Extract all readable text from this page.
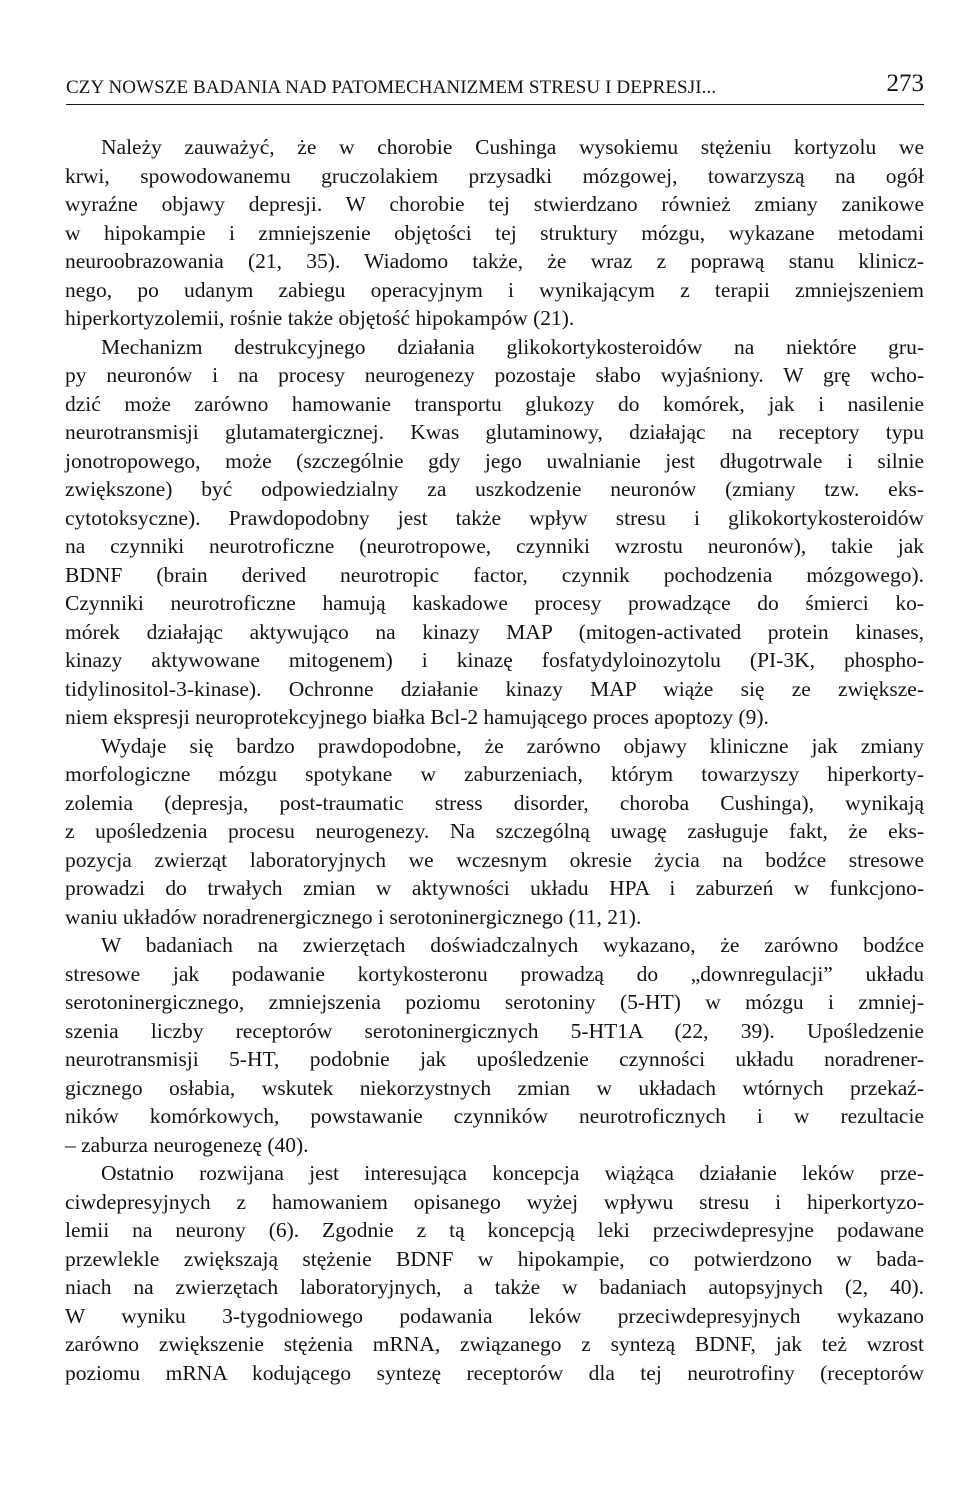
CZY NOWSZE BADANIA NAD PATOMECHANIZMEM STRESU I DEPRESJI...	273
Należy zauważyć, że w chorobie Cushinga wysokiemu stężeniu kortyzolu we
krwi, spowodowanemu gruczolakiem przysadki mózgowej, towarzyszą na ogół
wyraźne objawy depresji. W chorobie tej stwierdzano również zmiany zanikowe
w hipokampie i zmniejszenie objętości tej struktury mózgu, wykazane metodami
neuroobrazowania (21, 35). Wiadomo także, że wraz z poprawą stanu klinicz-
nego, po udanym zabiegu operacyjnym i wynikającym z terapii zmniejszeniem
hiperkortyzolemii, rośnie także objętość hipokampów (21).
Mechanizm destrukcyjnego działania glikokortykosteroidów na niektóre gru-
py neuronów i na procesy neurogenezy pozostaje słabo wyjaśniony. W grę wcho-
dzić może zarówno hamowanie transportu glukozy do komórek, jak i nasilenie
neurotransmisji glutamatergicznej. Kwas glutaminowy, działając na receptory typu
jonotropowego, może (szczególnie gdy jego uwalnianie jest długotrwale i silnie
zwiększone) być odpowiedzialny za uszkodzenie neuronów (zmiany tzw. eks-
cytotoksyczne). Prawdopodobny jest także wpływ stresu i glikokortykosteroidów
na czynniki neurotroficzne (neurotropowe, czynniki wzrostu neuronów), takie jak
BDNF (brain derived neurotropic factor, czynnik pochodzenia mózgowego).
Czynniki neurotroficzne hamują kaskadowe procesy prowadzące do śmierci ko-
mórek działając aktywująco na kinazy MAP (mitogen-activated protein kinases,
kinazy aktywowane mitogenem) i kinazę fosfatydyloinozytolu (PI-3K, phospho-
tidylinositol-3-kinase). Ochronne działanie kinazy MAP wiąże się ze zwiększe-
niem ekspresji neuroprotekcyjnego białka Bcl-2 hamującego proces apoptozy (9).
Wydaje się bardzo prawdopodobne, że zarówno objawy kliniczne jak zmiany
morfologiczne mózgu spotykane w zaburzeniach, którym towarzyszy hiperkorty-
zolemia (depresja, post-traumatic stress disorder, choroba Cushinga), wynikają
z upośledzenia procesu neurogenezy. Na szczególną uwagę zasługuje fakt, że eks-
pozycja zwierząt laboratoryjnych we wczesnym okresie życia na bodźce stresowe
prowadzi do trwałych zmian w aktywności układu HPA i zaburzeń w funkcjono-
waniu układów noradrenergicznego i serotoninergicznego (11, 21).
W badaniach na zwierzętach doświadczalnych wykazano, że zarówno bodźce
stresowe jak podawanie kortykosteronu prowadzą do „downregulacji” układu
serotoninergicznego, zmniejszenia poziomu serotoniny (5-HT) w mózgu i zmniej-
szenia liczby receptorów serotoninergicznych 5-HT1A (22, 39). Upośledzenie
neurotransmisji 5-HT, podobnie jak upośledzenie czynności układu noradrener-
gicznego osłabia, wskutek niekorzystnych zmian w układach wtórnych przekaź-
ników komórkowych, powstawanie czynników neurotroficznych i w rezultacie
– zaburza neurogenezę (40).
Ostatnio rozwijana jest interesująca koncepcja wiążąca działanie leków prze-
ciwdepresyjnych z hamowaniem opisanego wyżej wpływu stresu i hiperkortyzo-
lemii na neurony (6). Zgodnie z tą koncepcją leki przeciwdepresyjne podawane
przewlekle zwiększają stężenie BDNF w hipokampie, co potwierdzono w bada-
niach na zwierzętach laboratoryjnych, a także w badaniach autopsyjnych (2, 40).
W wyniku 3-tygodniowego podawania leków przeciwdepresyjnych wykazano
zarówno zwiększenie stężenia mRNA, związanego z syntezą BDNF, jak też wzrost
poziomu mRNA kodującego syntezę receptorów dla tej neurotrofiny (receptorów
